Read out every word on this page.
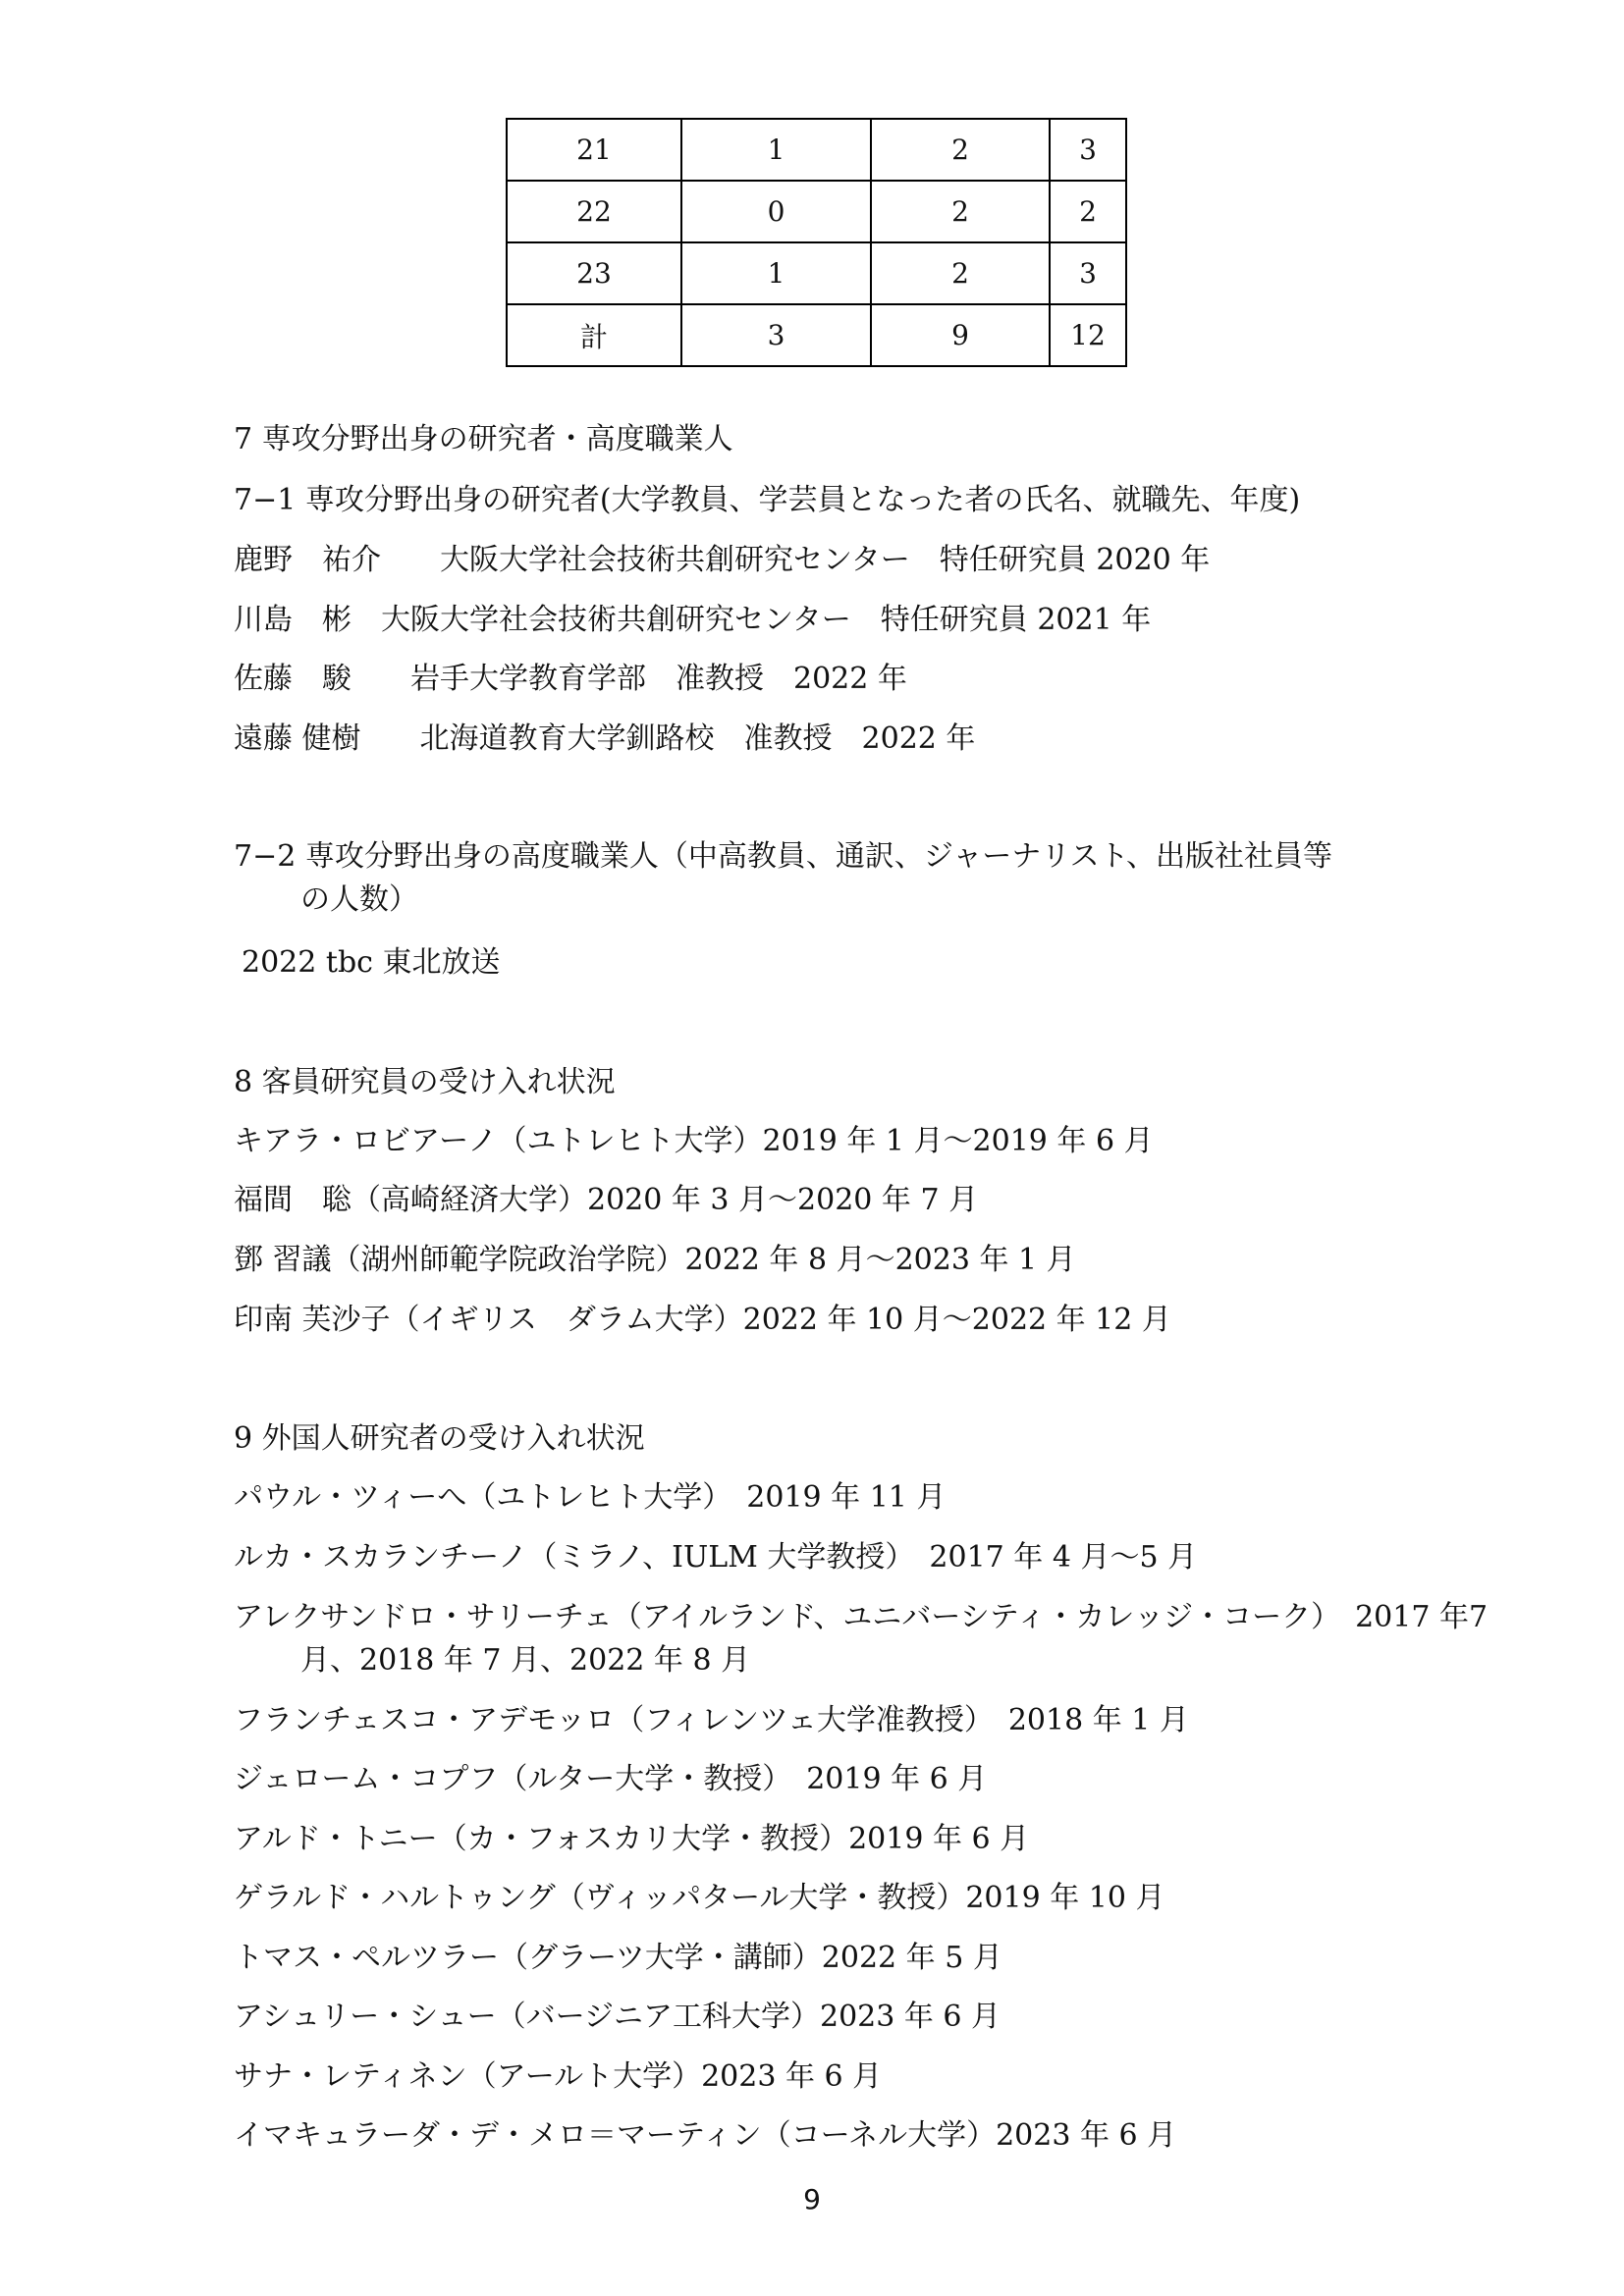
21	1	2	3
22	0	2	2
23	1	2	3
計	3	9	12
7 専攻分野出身の研究者・高度職業人
7−1 専攻分野出身の研究者(大学教員、学芸員となった者の氏名、就職先、年度)
鹿野　祐介　　大阪大学社会技術共創研究センター　特任研究員 2020 年
川島　彬　大阪大学社会技術共創研究センター　特任研究員 2021 年
佐藤　駿　　岩手大学教育学部　准教授　2022 年
遠藤 健樹　　北海道教育大学釧路校　准教授　2022 年
7−2 専攻分野出身の高度職業人（中高教員、通訳、ジャーナリスト、出版社社員等
の人数）
2022 tbc 東北放送
8 客員研究員の受け入れ状況
キアラ・ロビアーノ（ユトレヒト大学）2019 年 1 月～2019 年 6 月
福間　聡（高崎経済大学）2020 年 3 月～2020 年 7 月
鄧 習議（湖州師範学院政治学院）2022 年 8 月～2023 年 1 月
印南 芙沙子（イギリス　ダラム大学）2022 年 10 月～2022 年 12 月
9 外国人研究者の受け入れ状況
パウル・ツィーへ（ユトレヒト大学）　2019 年 11 月
ルカ・スカランチーノ（ミラノ、IULM 大学教授）　2017 年 4 月～5 月
アレクサンドロ・サリーチェ（アイルランド、ユニバーシティ・カレッジ・コーク）　2017 年7
月、2018 年 7 月、2022 年 8 月
フランチェスコ・アデモッロ（フィレンツェ大学准教授）　2018 年 1 月
ジェローム・コプフ（ルター大学・教授）　2019 年 6 月
アルド・トニー（カ・フォスカリ大学・教授）2019 年 6 月
ゲラルド・ハルトゥング（ヴィッパタール大学・教授）2019 年 10 月
トマス・ペルツラー（グラーツ大学・講師）2022 年 5 月
アシュリー・シュー（バージニア工科大学）2023 年 6 月
サナ・レティネン（アールト大学）2023 年 6 月
イマキュラーダ・デ・メロ＝マーティン（コーネル大学）2023 年 6 月
9
